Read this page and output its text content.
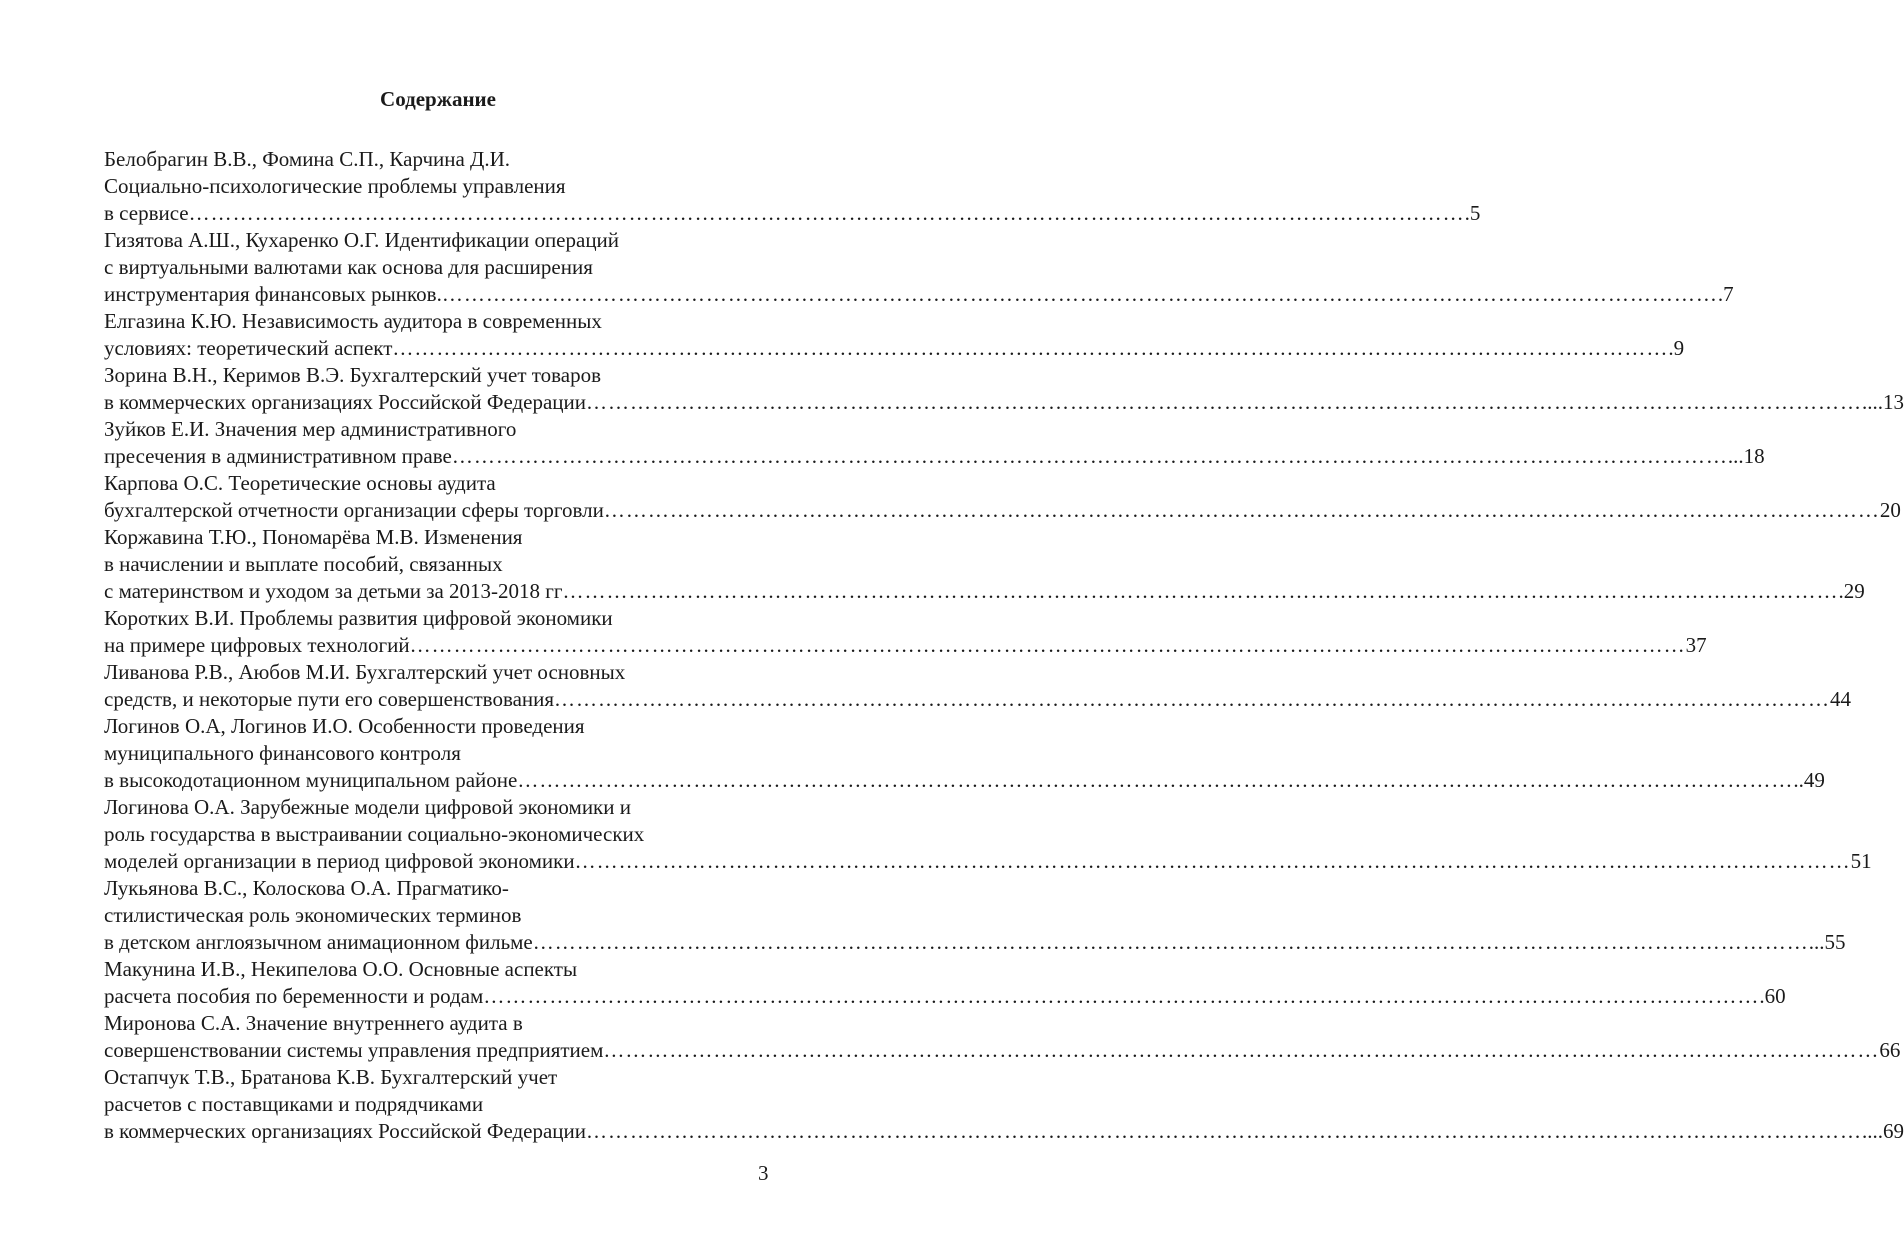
Содержание
Белобрагин В.В., Фомина С.П., Карчина Д.И.
Социально-психологические проблемы управления
в сервисе ………………………………………………………………………………………………………………………………………………………… .5
Гизятова А.Ш., Кухаренко О.Г. Идентификации операций
с виртуальными валютами как основа для расширения
инструментария финансовых рынков. ………………………………………………………………………………………………………………………………………………………… .7
Елгазина К.Ю. Независимость аудитора в современных
условиях: теоретический аспект ………………………………………………………………………………………………………………………………………………………… .9
Зорина В.Н., Керимов В.Э. Бухгалтерский учет товаров
в коммерческих организациях Российской Федерации ………………………………………………………………………………………………………………………………………………………… ....13
Зуйков Е.И. Значения мер административного
пресечения в административном праве ………………………………………………………………………………………………………………………………………………………… ...18
Карпова О.С. Теоретические основы аудита
бухгалтерской отчетности организации сферы торговли ………………………………………………………………………………………………………………………………………………………… 20
Коржавина Т.Ю., Пономарёва М.В. Изменения
в начислении и выплате пособий, связанных
с материнством и уходом за детьми за 2013-2018 гг ………………………………………………………………………………………………………………………………………………………… .29
Коротких В.И. Проблемы развития цифровой экономики
на примере цифровых технологий ………………………………………………………………………………………………………………………………………………………… 37
Ливанова Р.В., Аюбов М.И. Бухгалтерский учет основных
средств, и некоторые пути его совершенствования ………………………………………………………………………………………………………………………………………………………… 44
Логинов О.А, Логинов И.О. Особенности проведения
муниципального финансового контроля
в высокодотационном муниципальном районе ………………………………………………………………………………………………………………………………………………………… ..49
Логинова О.А. Зарубежные модели цифровой экономики и
роль государства в выстраивании социально-экономических
моделей организации в период цифровой экономики ………………………………………………………………………………………………………………………………………………………… 51
Лукьянова В.С., Колоскова О.А. Прагматико-
стилистическая роль экономических терминов
в детском англоязычном анимационном фильме ………………………………………………………………………………………………………………………………………………………… ...55
Макунина И.В., Некипелова О.О. Основные аспекты
расчета пособия по беременности и родам ………………………………………………………………………………………………………………………………………………………… .60
Миронова С.А. Значение внутреннего аудита в
совершенствовании системы управления предприятием ………………………………………………………………………………………………………………………………………………………… 66
Остапчук Т.В., Братанова К.В. Бухгалтерский учет
расчетов с поставщиками и подрядчиками
в коммерческих организациях Российской Федерации ………………………………………………………………………………………………………………………………………………………… ....69
3
